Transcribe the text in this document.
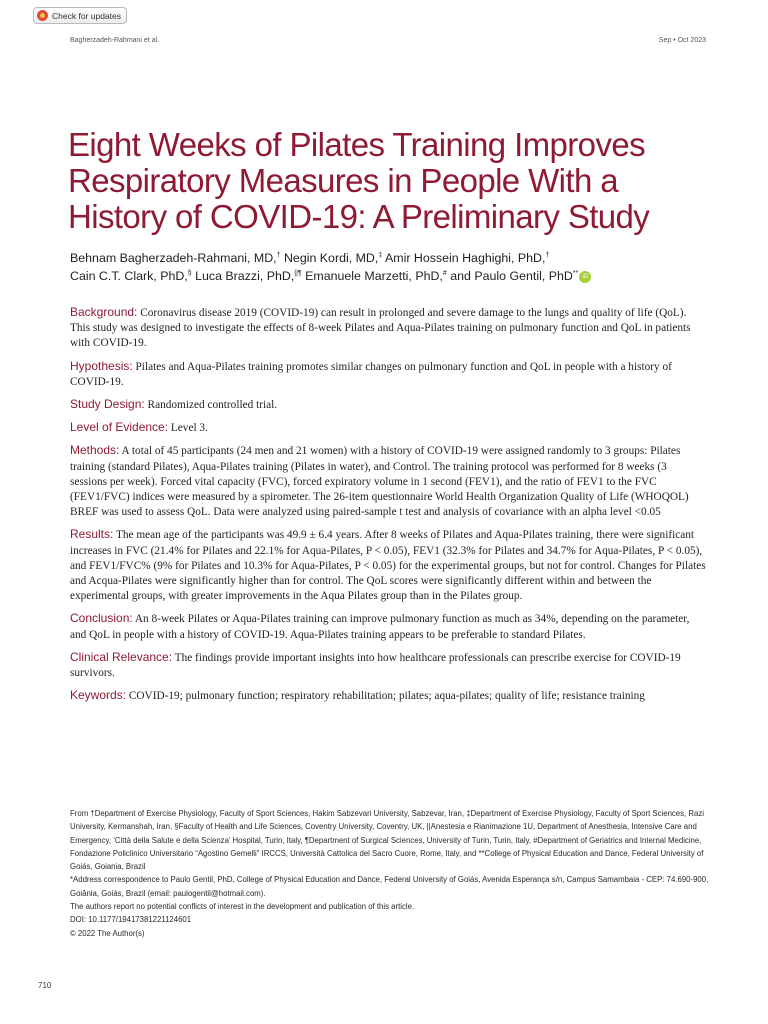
Check for updates
Bagherzadeh-Rahmani et al.	Sep • Oct 2023
Eight Weeks of Pilates Training Improves Respiratory Measures in People With a History of COVID-19: A Preliminary Study
Behnam Bagherzadeh-Rahmani, MD,† Negin Kordi, MD,‡ Amir Hossein Haghighi, PhD,†
Cain C.T. Clark, PhD,§ Luca Brazzi, PhD,||¶ Emanuele Marzetti, PhD,# and Paulo Gentil, PhD** iD

Background: Coronavirus disease 2019 (COVID-19) can result in prolonged and severe damage to the lungs and quality of life (QoL). This study was designed to investigate the effects of 8-week Pilates and Aqua-Pilates training on pulmonary function and QoL in patients with COVID-19.

Hypothesis: Pilates and Aqua-Pilates training promotes similar changes on pulmonary function and QoL in people with a history of COVID-19.

Study Design: Randomized controlled trial.

Level of Evidence: Level 3.

Methods: A total of 45 participants (24 men and 21 women) with a history of COVID-19 were assigned randomly to 3 groups: Pilates training (standard Pilates), Aqua-Pilates training (Pilates in water), and Control. The training protocol was performed for 8 weeks (3 sessions per week). Forced vital capacity (FVC), forced expiratory volume in 1 second (FEV1), and the ratio of FEV1 to the FVC (FEV1/FVC) indices were measured by a spirometer. The 26-item questionnaire World Health Organization Quality of Life (WHOQOL) BREF was used to assess QoL. Data were analyzed using paired-sample t test and analysis of covariance with an alpha level <0.05

Results: The mean age of the participants was 49.9 ± 6.4 years. After 8 weeks of Pilates and Aqua-Pilates training, there were significant increases in FVC (21.4% for Pilates and 22.1% for Aqua-Pilates, P < 0.05), FEV1 (32.3% for Pilates and 34.7% for Aqua-Pilates, P < 0.05), and FEV1/FVC% (9% for Pilates and 10.3% for Aqua-Pilates, P < 0.05) for the experimental groups, but not for control. Changes for Pilates and Acqua-Pilates were significantly higher than for control. The QoL scores were significantly different within and between the experimental groups, with greater improvements in the Aqua Pilates group than in the Pilates group.

Conclusion: An 8-week Pilates or Aqua-Pilates training can improve pulmonary function as much as 34%, depending on the parameter, and QoL in people with a history of COVID-19. Aqua-Pilates training appears to be preferable to standard Pilates.

Clinical Relevance: The findings provide important insights into how healthcare professionals can prescribe exercise for COVID-19 survivors.

Keywords: COVID-19; pulmonary function; respiratory rehabilitation; pilates; aqua-pilates; quality of life; resistance training

From †Department of Exercise Physiology, Faculty of Sport Sciences, Hakim Sabzevari University, Sabzevar, Iran, ‡Department of Exercise Physiology, Faculty of Sport Sciences, Razi University, Kermanshah, Iran, §Faculty of Health and Life Sciences, Coventry University, Coventry, UK, ||Anestesia e Rianimazione 1U, Department of Anesthesia, Intensive Care and Emergency, ‘Città della Salute e della Scienza’ Hospital, Turin, Italy, ¶Department of Surgical Sciences, University of Turin, Turin, Italy, #Department of Geriatrics and Internal Medicine, Fondazione Policlinico Universitario “Agostino Gemelli” IRCCS, Università Cattolica del Sacro Cuore, Rome, Italy, and **College of Physical Education and Dance, Federal University of Goiás, Goiania, Brazil

*Address correspondence to Paulo Gentil, PhD, College of Physical Education and Dance, Federal University of Goiás, Avenida Esperança s/n, Campus Samambaia - CEP: 74.690-900, Goiânia, Goiás, Brazil (email: paulogentil@hotmail.com).

The authors report no potential conflicts of interest in the development and publication of this article.

DOI: 10.1177/19417381221124601

© 2022 The Author(s)

710
